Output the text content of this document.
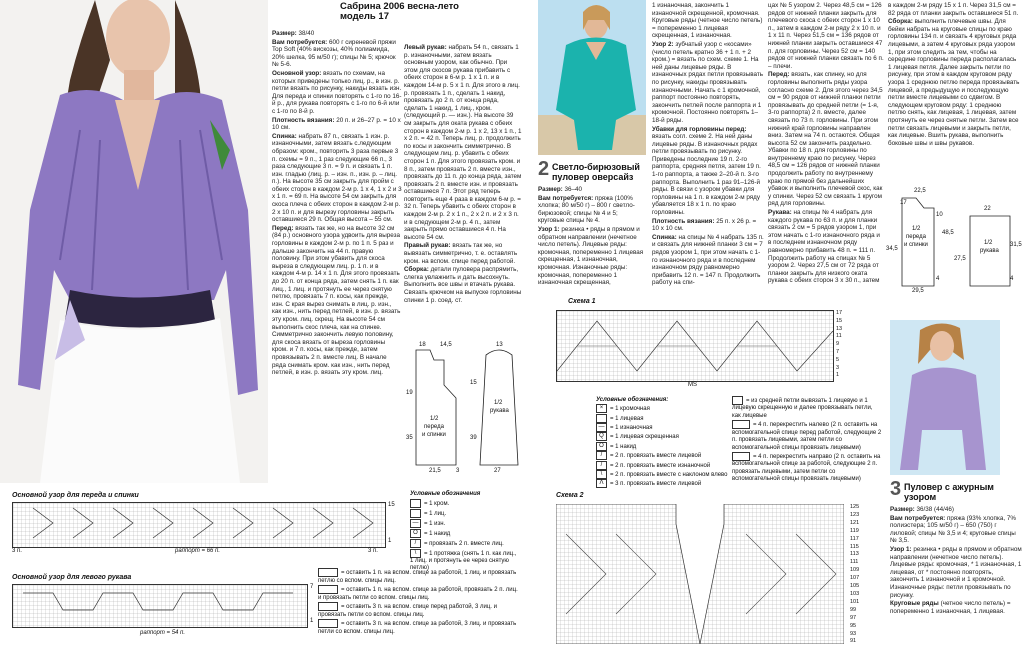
Сабрина 2006 весна-лето
модель 17

Размер: 38/40

Вам потребуется: 600 г сиреневой пряжи Top Soft (40% вискозы, 40% полиамида, 20% шелка, 95 м/50 г); спицы № 5; крючок № 5-6.

Основной узор: вязать по схемам, на которых приведены только лиц. р., в изн. р. петли вязать по рисунку, накиды вязать изн. Для переда и спинки повторять с 1-го по 16-й р., для рукава повторять с 1-го по 6-й или с 1-го по 8-й р.

Плотность вязания: 20 п. и 26–27 р. = 10 х 10 см.

Спинка: набрать 87 п., связать 1 изн. р. изнаночными, затем вязать с.ледующим образом: кром., повторить 3 раза первые 3 п. схемы = 9 п., 1 раз следующие 66 п., 3 раза следующие 3 п. = 9 п. и связать 1 п. изн. гладью (лиц. р. – изн. п., изн. р. – лиц. п.). На высоте 35 см закрыть для пройм с обеих сторон в каждом 2-м р. 1 х 4, 1 х 2 и 3 х 1 п. = 69 п. На высоте 54 см закрыть для скоса плеча с обеих сторон в каждом 2-м р. 2 х 10 п. и для вырезу горловины закрыть оставшиеся 29 п. Общая высота – 55 см.

Перед: вязать так же, но на высоте 32 см (84 р.) основного узора удвоить для выреза горловины в каждом 2-м р. по 1 п. 5 раз и дальше закончить на 44 п. правую половину. При этом убавить для скоса выреза в следующем лиц. р. 1 п. и в каждом 4-м р. 14 х 1 п. Для этого провязать до 20 п. от конца ряда, затем снять 1 п. как лиц., 1 лиц. и протянуть ее через снятую петлю, провязать 7 п. косы, как прежде, изн. С края вырез снимать в лиц. р. изн., как изн., нить перед петлей, в изн. р. вязать эту кром. лиц. скрещ. На высоте 54 см выполнить скос плеча, как на спинке. Симметрично закончить левую половину, для скоса вязать от выреза горловины кром. и 7 п. косы, как прежде, затем провязывать 2 п. вместе лиц. В начале ряда снимать кром. как изн., нить перед петлей, в изн. р. вязать эту кром. лиц.

Левый рукав: набрать 54 п., связать 1 р. изнаночными, затем вязать основным узором, как обычно. При этом для скосов рукава прибавить с обеих сторон в 6-м р. 1 х 1 п. и в каждом 14-м р. 5 х 1 п. Для этого в лиц. р. провязать 1 п., сделать 1 накид, провязать до 2 п. от конца ряда, сделать 1 накид, 1 лиц., кром. (следующий р. — изн.). На высоте 39 см закрыть для оката рукава с обеих сторон в каждом 2-м р. 1 х 2, 13 х 1 п., 1 х 2 п. = 42 п. Теперь лиц. р. продолжить по косы и закончить симметрично. В следующем лиц. р. убавить с обеих сторон 1 п. Для этого провязать кром. и 8 п., затем провязать 2 п. вместе изн., провязать до 11 п. до конца ряда, затем провязать 2 п. вместе изн. и провязать оставшиеся 7 п. Этот ряд теперь повторить еще 4 раза в каждом 6-м р. = 32 п. Теперь убавить с обеих сторон в каждом 2-м р. 2 х 1 п., 2 х 2 п. и 2 х 3 п. и в следующем 2-м р. 4 п., затем закрыть прямо оставшиеся 4 п. На высоте 54 см.

Правый рукав: вязать так же, но вывязать симметрично, т. е. оставлять кром. на вспом. спице перед работой.

Сборка: детали пуловера распрямить, слегка увлажнить и дать высохнуть. Выполнить все швы и втачать рукава. Связать крючком на выпуске горловины спинки 1 р. соед. ст.

18 14,5
19
35
1/2
переда
и спинки
21,5	3
13
15
39
1/2
рукава
27
Основной узор для переда и спинки
3 п.	раппорт = 66 п.	3 п.
15
1
Основной узор для левого рукава
раппорт = 54 п.
7
1
Условные обозначения
= 1 кром.
= 1 лиц.
— = 1 изн.
O = 1 накид
/ = провязать 2 п. вместе лиц.
\ = 1 протяжка (снять 1 п. как лиц., 1 лиц. и протянуть ее через снятую петлю)
= оставить 1 п. на вспом. спице за работой, 1 лиц. и провязать петлю со вспом. спицы лиц.
= оставить 1 п. на вспом. спице за работой, провязать 2 п. лиц. и провязать петли со вспом. спицы лиц.
= оставить 3 п. на вспом. спице перед работой, 3 лиц. и провязать петли со вспом. спицы лиц.
= оставить 3 п. на вспом. спице за работой, 3 лиц. и провязать петли со вспом. спицы лиц.
2 Светло-бирюзовый
пуловер оверсайз

Размер: 36–40

Вам потребуется: пряжа (100% хлопка; 80 м/50 г) – 800 г светло-бирюзовой; спицы № 4 и 5; круговые спицы № 4.

Узор 1: резинка • ряды в прямом и обратном направлении (нечетное число петель). Лицевые ряды: кромочная, попеременно 1 лицевая скрещенная, 1 изнаночная, кромочная. Изнаночные ряды: кромочная, попеременно 1 изнаночная скрещенная,

1 изнаночная, закончить 1 изнаночной скрещенной, кромочная. Круговые ряды (четное число петель) = попеременно 1 лицевая скрещенная, 1 изнаночная.

Узор 2: зубчатый узор с «косами» (число петель кратно 36 + 1 п. + 2 кром.) = вязать по схем. схеме 1. На ней даны лицевые ряды. В изнаночных рядах петли провязывать по рисунку, накиды провязывать изнаночными. Начать с 1 кромочной, раппорт постоянно повторять, закончить петлей после раппорта и 1 кромочной. Постоянно повторять 1–18-й ряды.

Убавки для горловины перед: вязать согл. схеме 2. На ней даны лицевые ряды. В изнаночных рядах петли провязывать по рисунку. Приведены последние 19 п. 2-го раппорта, средняя петля, затем 19 п. 1-го раппорта, а также 2–20-й п. 3-го раппорта. Выполнить 1 раз 91–126-й ряды. В связи с узором убавки для горловины на 1 п. в каждом 2-м ряду убавляется 18 х 1 п. по краю горловины.

Плотность вязания: 25 п. х 26 р. = 10 х 10 см.

Спинка: на спицы № 4 набрать 135 п. и связать для нижней планки 3 см = 7 рядов узором 1, при этом начать с 1-го изнаночного ряда и в последнем изнаночном ряду равномерно прибавить 12 п. = 147 п. Продолжить работу на спи-

цах № 5 узором 2. Через 48,5 см = 126 рядов от нижней планки закрыть для плечевого скоса с обеих сторон 1 х 10 п., затем в каждом 2-м ряду 2 х 10 п. и 1 х 11 п. Через 51,5 см = 136 рядов от нижней планки закрыть оставшиеся 47 п. для горловины. Через 52 см = 140 рядов от нижней планки связать по 6 п. – плечи.

Перед: вязать, как спинку, но для горловины выполнить ряды узора согласно схеме 2. Для этого через 34,5 см = 90 рядов от нижней планки петли провязывать до средней петли (= 1-я, 3-го раппорта) 2 п. вместе, далее связать по 73 п. горловины. При этом нижний край горловины направлен вниз. Затем на 74 п. остаются. Общая высота 52 см закончить раздельно. Убавки по 18 п. для горловины по внутреннему краю по рисунку. Через 48,5 см = 126 рядов от нижней планки продолжить работу по внутреннему краю по прямой без дальнейших убавок и выполнить плечевой скос, как у спинки. Через 52 см связать 1 кругом ряд для горловины.

Рукава: на спицы № 4 набрать для каждого рукава по 63 п. и для планки связать 2 см = 5 рядов узором 1, при этом начать с 1-го изнаночного ряда и в последнем изнаночном ряду равномерно прибавить 48 п. = 111 п. Продолжить работу на спицах № 5 узором 2. Через 27,5 см от 72 ряда от планки закрыть для низкого оката рукава с обеих сторон 3 х 30 п., затем

в каждом 2-м ряду 15 х 1 п. Через 31,5 см = 82 ряда от планки закрыть оставшиеся 51 п.

Сборка: выполнить плечевые швы. Для бейки набрать на круговые спицы по краю горловины 134 п. и связать 4 круговых ряда лицевыми, а затем 4 круговых ряда узором 1, при этом следить за тем, чтобы на середине горловины переда располагалась 1 лицевая петля. Далее закрыть петли по рисунку, при этом в каждом круговом ряду узора 1 среднюю петлю переда провязывать лицевой, а предыдущую и последующую петли вместе лицевыми со сдвигом. В следующем круговом ряду: 1 среднюю петлю снять, как лицевая, 1 лицевая, затем протянуть ее через снятые петли. Затем все петли связать лицевыми и закрыть петли, как лицевые. Вшить рукава, выполнить боковые швы и швы рукавов.

22,5
17
10
1/2
переда
и спинки
34,5
48,5
27,5
1/2
рукава
31,5
22
4
29,5
4
Схема 1
MS
17
15
13
11
9
7
5
3
1
Условные обозначения:
× = 1 кромочная
= 1 лицевая
— = 1 изнаночная
Q = 1 лицевая скрещенная
O = 1 накид
/ = 2 п. провязать вместе лицевой
/ = 2 п. провязать вместе изнаночной
\ = 2 п. провязать вместе с наклоном влево
Λ = 3 п. провязать вместе лицевой
= из средней петли вывязать 1 лицевую и 1 лицевую скрещенную и далее провязывать петли, как лицевые
= 4 п. перекрестить налево (2 п. оставить на вспомогательной спице перед работой, следующие 2 п. провязать лицевыми, затем петли со вспомогательной спицы провязать лицевыми)
= 4 п. перекрестить направо (2 п. оставить на вспомогательной спице за работой, следующие 2 п. провязать лицевыми, затем петли со вспомогательной спицы провязать лицевыми)
Схема 2
125
123
121
119
117
115
113
111
109
107
105
103
101
99
97
95
93
91
3 Пуловер с ажурным
узором

Размер: 36/38 (44/46)

Вам потребуется: пряжа (93% хлопка, 7% полиэстера; 105 м/50 г) – 650 (750) г лиловой; спицы № 3,5 и 4; круговые спицы № 3,5.

Узор 1: резинка • ряды в прямом и обратном направлении (нечетное число петель). Лицевые ряды: кромочная, * 1 изнаночная, 1 лицевая, от * постоянно повторять, закончить 1 изнаночной и 1 кромочной. Изнаночные ряды: петли провязывать по рисунку.

Круговые ряды (четное число петель) = попеременно 1 изнаночная, 1 лицевая.
